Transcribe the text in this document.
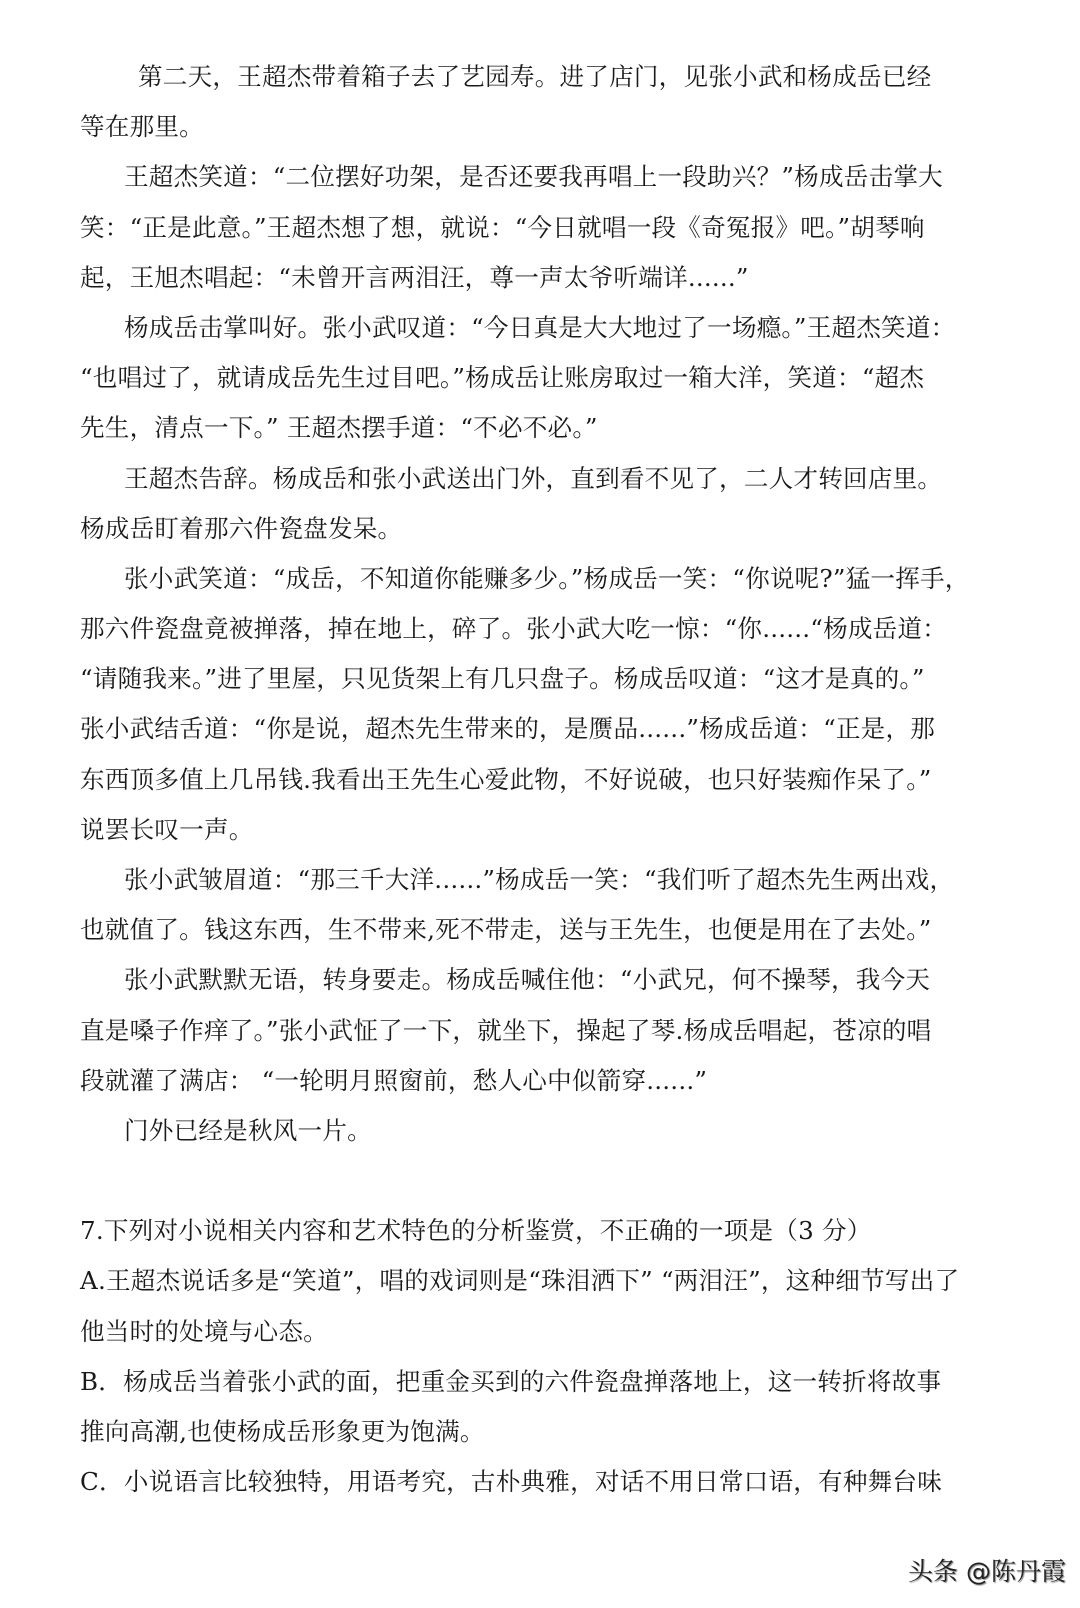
第二天，王超杰带着箱子去了艺园寿。进了店门，见张小武和杨成岳已经
等在那里。
王超杰笑道：“二位摆好功架，是否还要我再唱上一段助兴？”杨成岳击掌大
笑：“正是此意。”王超杰想了想，就说：“今日就唱一段《奇冤报》吧。”胡琴响
起，王旭杰唱起：“未曾开言两泪汪，尊一声太爷听端详......”
杨成岳击掌叫好。张小武叹道：“今日真是大大地过了一场瘾。”王超杰笑道：
“也唱过了，就请成岳先生过目吧。”杨成岳让账房取过一箱大洋，笑道：“超杰
先生，清点一下。” 王超杰摆手道：“不必不必。”
王超杰告辞。杨成岳和张小武送出门外，直到看不见了，二人才转回店里。
杨成岳盯着那六件瓷盘发呆。
张小武笑道：“成岳，不知道你能赚多少。”杨成岳一笑：“你说呢?”猛一挥手，
那六件瓷盘竟被掸落，掉在地上，碎了。张小武大吃一惊：“你......“杨成岳道：
“请随我来。”进了里屋，只见货架上有几只盘子。杨成岳叹道：“这才是真的。”
张小武结舌道：“你是说，超杰先生带来的，是赝品......”杨成岳道：“正是，那
东西顶多值上几吊钱.我看出王先生心爱此物，不好说破，也只好装痴作呆了。”
说罢长叹一声。
张小武皱眉道：“那三千大洋......”杨成岳一笑：“我们听了超杰先生两出戏，
也就值了。钱这东西，生不带来,死不带走，送与王先生，也便是用在了去处。”
张小武默默无语，转身要走。杨成岳喊住他：“小武兄，何不操琴，我今天
直是嗓子作痒了。”张小武怔了一下，就坐下，操起了琴.杨成岳唱起，苍凉的唱
段就灌了满店： “一轮明月照窗前，愁人心中似箭穿......”
门外已经是秋风一片。
7.下列对小说相关内容和艺术特色的分析鉴赏，不正确的一项是（3 分）
A.王超杰说话多是“笑道”，唱的戏词则是“珠泪洒下” “两泪汪”，这种细节写出了
他当时的处境与心态。
B．杨成岳当着张小武的面，把重金买到的六件瓷盘掸落地上，这一转折将故事
推向高潮,也使杨成岳形象更为饱满。
C．小说语言比较独特，用语考究，古朴典雅，对话不用日常口语，有种舞台味
头条 @陈丹霞
